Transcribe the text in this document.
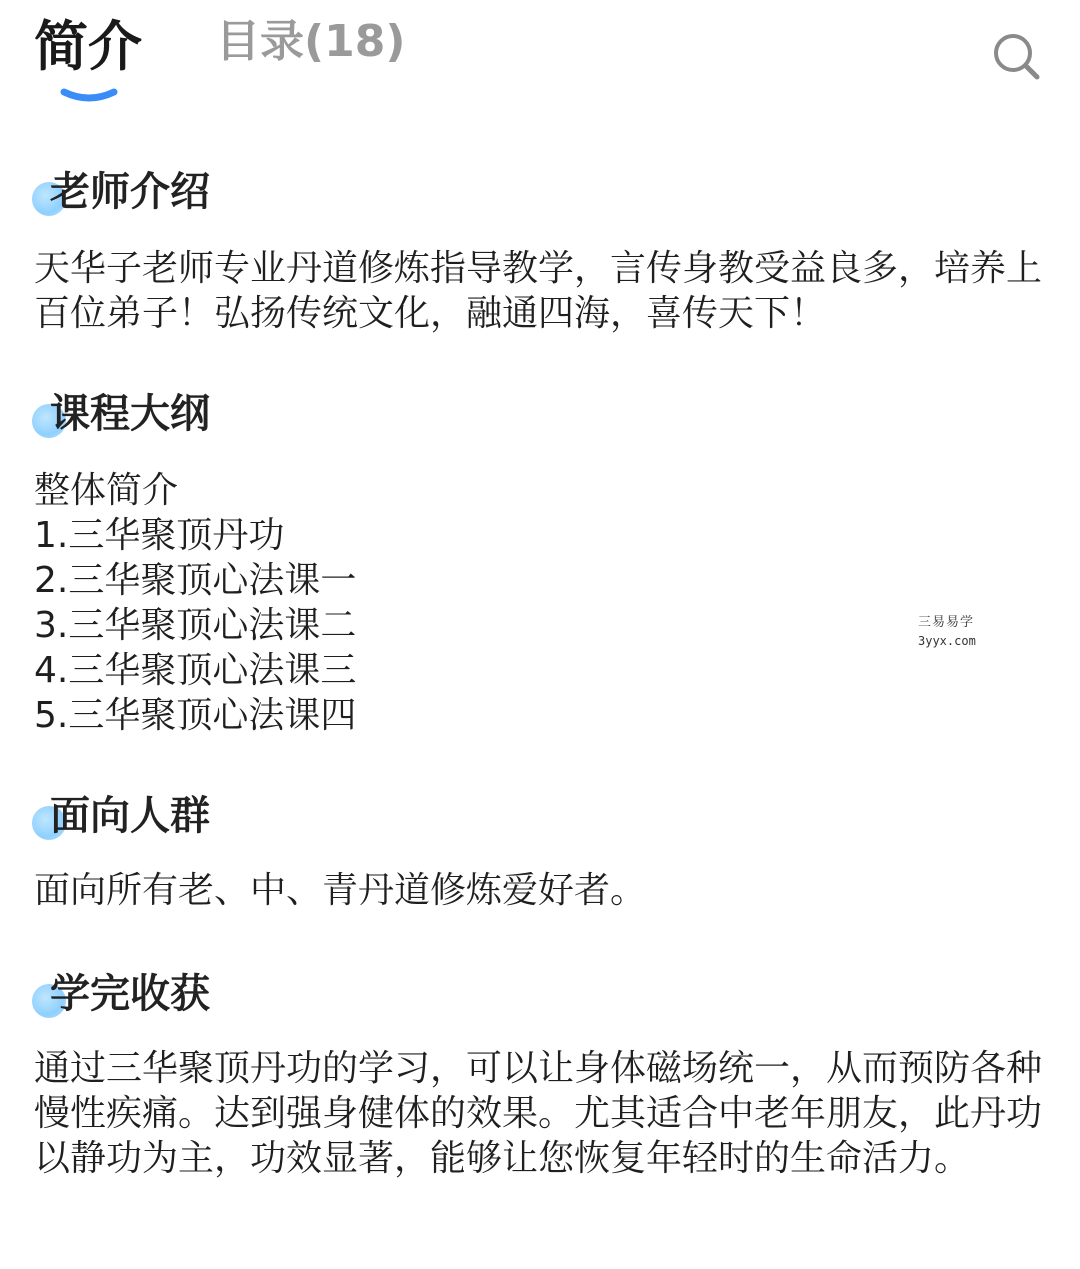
简介 目录(18)
老师介绍

天华子老师专业丹道修炼指导教学，言传身教受益良多，培养上百位弟子！弘扬传统文化，融通四海，喜传天下！

课程大纲
整体简介
1.三华聚顶丹功
2.三华聚顶心法课一
3.三华聚顶心法课二
4.三华聚顶心法课三
5.三华聚顶心法课四
三易易学
3yyx.com
面向人群

面向所有老、中、青丹道修炼爱好者。

学完收获

通过三华聚顶丹功的学习，可以让身体磁场统一，从而预防各种慢性疾痛。达到强身健体的效果。尤其适合中老年朋友，此丹功以静功为主，功效显著，能够让您恢复年轻时的生命活力。
